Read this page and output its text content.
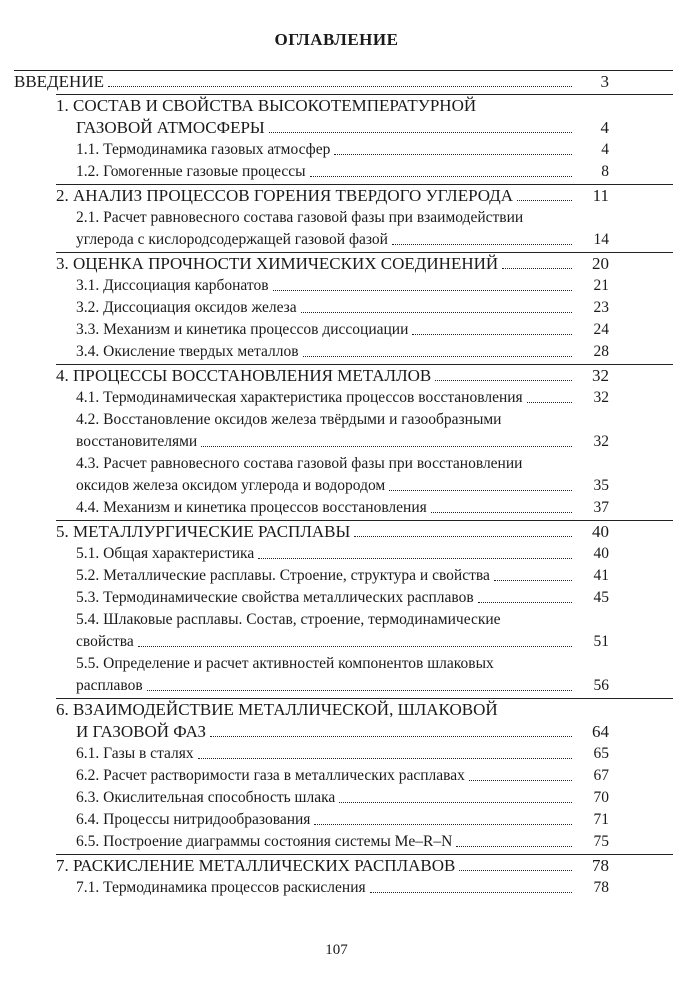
ОГЛАВЛЕНИЕ
ВВЕДЕНИЕ	3
1. СОСТАВ И СВОЙСТВА ВЫСОКОТЕМПЕРАТУРНОЙ
ГАЗОВОЙ АТМОСФЕРЫ	4
1.1. Термодинамика газовых атмосфер	4
1.2. Гомогенные газовые процессы	8
2. АНАЛИЗ ПРОЦЕССОВ ГОРЕНИЯ ТВЕРДОГО УГЛЕРОДА	11
2.1. Расчет равновесного состава газовой фазы при взаимодействии
углерода с кислородсодержащей газовой фазой	14
3. ОЦЕНКА ПРОЧНОСТИ ХИМИЧЕСКИХ СОЕДИНЕНИЙ	20
3.1. Диссоциация карбонатов	21
3.2. Диссоциация оксидов железа	23
3.3. Механизм и кинетика процессов диссоциации	24
3.4. Окисление твердых металлов	28
4. ПРОЦЕССЫ ВОССТАНОВЛЕНИЯ МЕТАЛЛОВ	32
4.1. Термодинамическая характеристика процессов восстановления	32
4.2. Восстановление оксидов железа твёрдыми и газообразными
восстановителями	32
4.3. Расчет равновесного состава газовой фазы при восстановлении
оксидов железа оксидом углерода и водородом	35
4.4. Механизм и кинетика процессов восстановления	37
5. МЕТАЛЛУРГИЧЕСКИЕ РАСПЛАВЫ	40
5.1. Общая характеристика	40
5.2. Металлические расплавы. Строение, структура и свойства	41
5.3. Термодинамические свойства металлических расплавов	45
5.4. Шлаковые расплавы. Состав, строение, термодинамические
свойства	51
5.5. Определение и расчет активностей компонентов шлаковых
расплавов	56
6. ВЗАИМОДЕЙСТВИЕ МЕТАЛЛИЧЕСКОЙ, ШЛАКОВОЙ
И ГАЗОВОЙ ФАЗ	64
6.1. Газы в сталях	65
6.2. Расчет растворимости газа в металлических расплавах	67
6.3. Окислительная способность шлака	70
6.4. Процессы нитридообразования	71
6.5. Построение диаграммы состояния системы Me–R–N	75
7. РАСКИСЛЕНИЕ МЕТАЛЛИЧЕСКИХ РАСПЛАВОВ	78
7.1. Термодинамика процессов раскисления	78
107
